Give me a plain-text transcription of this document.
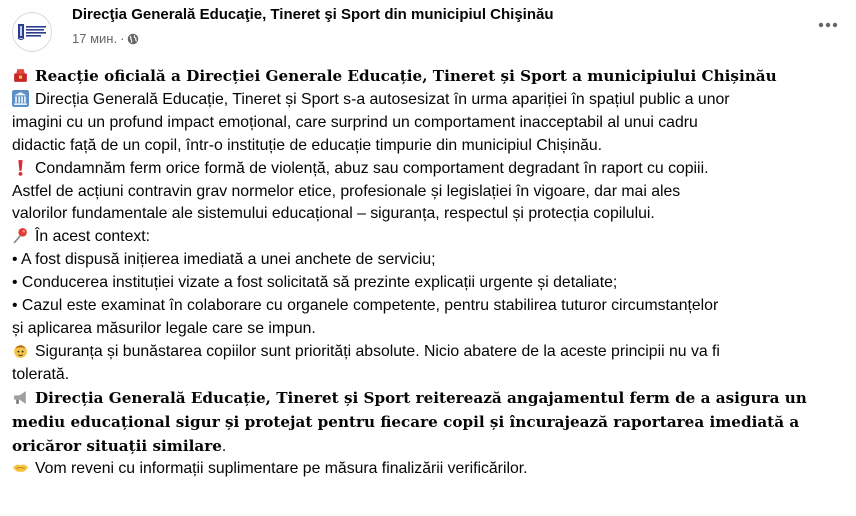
Direcţia Generală Educaţie, Tineret şi Sport din municipiul Chişinău
17 мин. ·
Reacție oficială a Direcției Generale Educație, Tineret și Sport a municipiului Chișinău
Direcția Generală Educație, Tineret și Sport s-a autosesizat în urma apariției în spațiul public a unor
imagini cu un profund impact emoțional, care surprind un comportament inacceptabil al unui cadru
didactic față de un copil, într-o instituție de educație timpurie din municipiul Chișinău.
Condamnăm ferm orice formă de violență, abuz sau comportament degradant în raport cu copiii.
Astfel de acțiuni contravin grav normelor etice, profesionale și legislației în vigoare, dar mai ales
valorilor fundamentale ale sistemului educațional – siguranța, respectul și protecția copilului.
În acest context:
• A fost dispusă inițierea imediată a unei anchete de serviciu;
• Conducerea instituției vizate a fost solicitată să prezinte explicații urgente și detaliate;
• Cazul este examinat în colaborare cu organele competente, pentru stabilirea tuturor circumstanțelor
și aplicarea măsurilor legale care se impun.
Siguranța și bunăstarea copiilor sunt priorități absolute. Nicio abatere de la aceste principii nu va fi
tolerată.
Direcția Generală Educație, Tineret și Sport reiterează angajamentul ferm de a asigura un
mediu educațional sigur și protejat pentru fiecare copil și încurajează raportarea imediată a
oricăror situații similare.
Vom reveni cu informații suplimentare pe măsura finalizării verificărilor.
